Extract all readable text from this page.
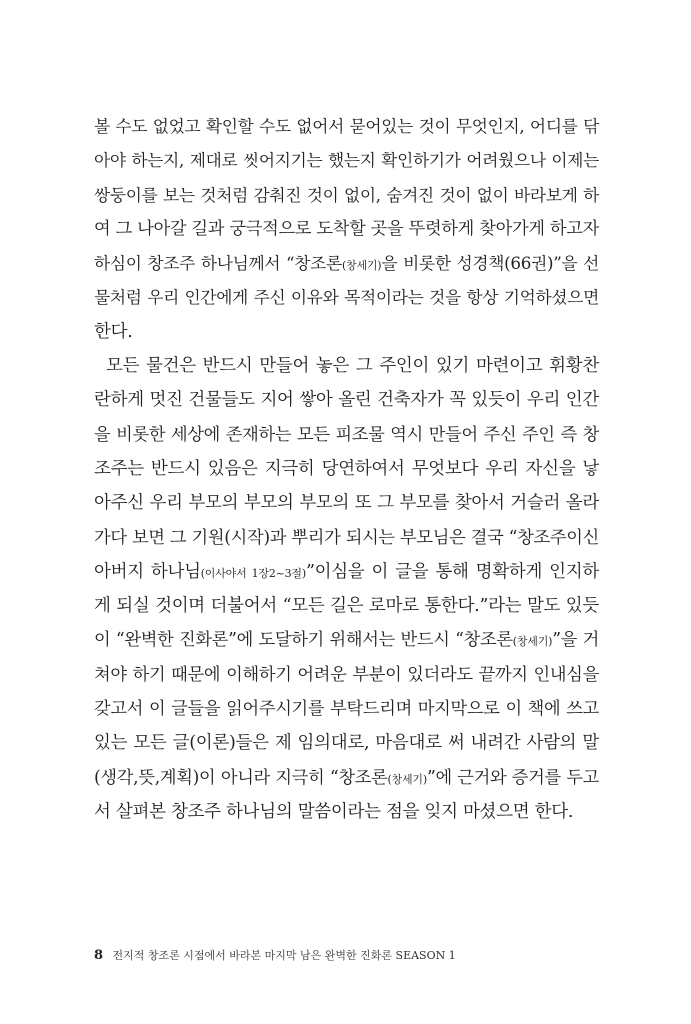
볼 수도 없었고 확인할 수도 없어서 묻어있는 것이 무엇인지, 어디를 닦
아야 하는지, 제대로 씻어지기는 했는지 확인하기가 어려웠으나 이제는
쌍둥이를 보는 것처럼 감춰진 것이 없이, 숨겨진 것이 없이 바라보게 하
여 그 나아갈 길과 궁극적으로 도착할 곳을 뚜렷하게 찾아가게 하고자
하심이 창조주 하나님께서 “창조론(창세기)을 비롯한 성경책(66권)”을 선
물처럼 우리 인간에게 주신 이유와 목적이라는 것을 항상 기억하셨으면
한다.
모든 물건은 반드시 만들어 놓은 그 주인이 있기 마련이고 휘황찬
란하게 멋진 건물들도 지어 쌓아 올린 건축자가 꼭 있듯이 우리 인간
을 비롯한 세상에 존재하는 모든 피조물 역시 만들어 주신 주인 즉 창
조주는 반드시 있음은 지극히 당연하여서 무엇보다 우리 자신을 낳
아주신 우리 부모의 부모의 부모의 또 그 부모를 찾아서 거슬러 올라
가다 보면 그 기원(시작)과 뿌리가 되시는 부모님은 결국 “창조주이신
아버지 하나님(이사야서 1장2~3절)”이심을 이 글을 통해 명확하게 인지하
게 되실 것이며 더불어서 “모든 길은 로마로 통한다.”라는 말도 있듯
이 “완벽한 진화론”에 도달하기 위해서는 반드시 “창조론(창세기)”을 거
쳐야 하기 때문에 이해하기 어려운 부분이 있더라도 끝까지 인내심을
갖고서 이 글들을 읽어주시기를 부탁드리며 마지막으로 이 책에 쓰고
있는 모든 글(이론)들은 제 임의대로, 마음대로 써 내려간 사람의 말
(생각,뜻,계획)이 아니라 지극히 “창조론(창세기)”에 근거와 증거를 두고
서 살펴본 창조주 하나님의 말씀이라는 점을 잊지 마셨으면 한다.
8 전지적 창조론 시점에서 바라본 마지막 남은 완벽한 진화론 SEASON 1
